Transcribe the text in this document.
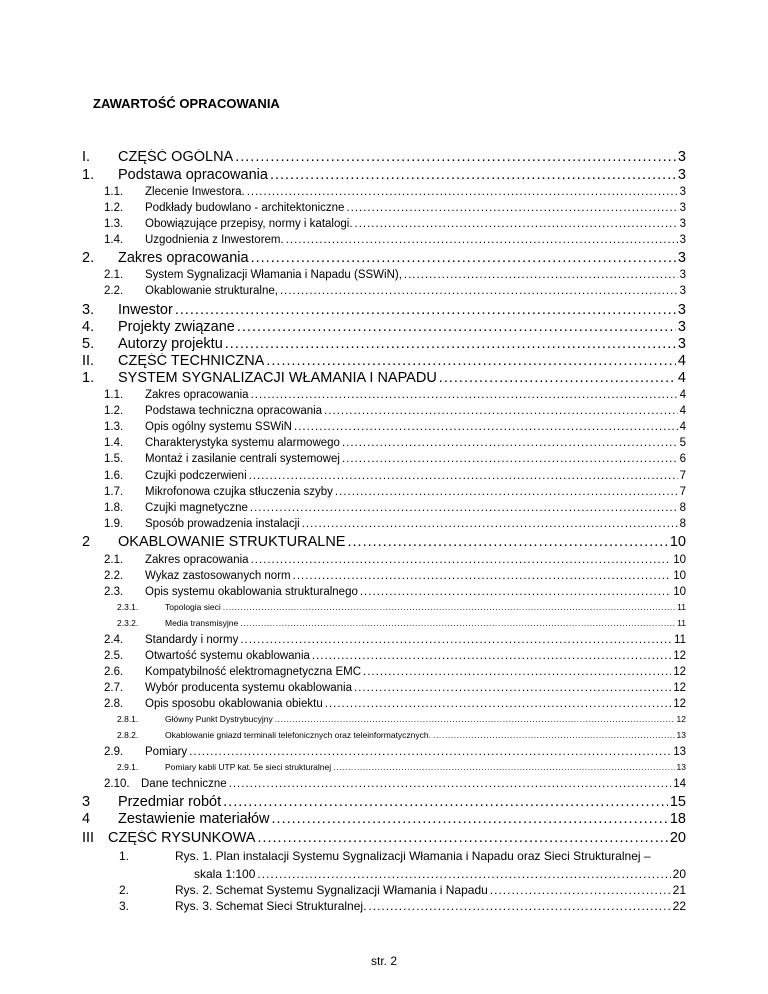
ZAWARTOŚĆ OPRACOWANIA
I.	CZĘŚĆ OGÓLNA .....	3
1.	Podstawa opracowania .....	3
1.1.	Zlecenie Inwestora. .....	3
1.2.	Podkłady budowlano - architektoniczne .....	3
1.3.	Obowiązujące przepisy, normy i katalogi. .....	3
1.4.	Uzgodnienia z Inwestorem. .....	3
2.	Zakres opracowania .....	3
2.1.	System Sygnalizacji Włamania i Napadu (SSWiN), .....	3
2.2.	Okablowanie strukturalne, .....	3
3.	Inwestor .....	3
4.	Projekty związane .....	3
5.	Autorzy projektu .....	3
II.	CZĘŚĆ TECHNICZNA .....	4
1.	SYSTEM SYGNALIZACJI WŁAMANIA I NAPADU .....	4
1.1.	Zakres opracowania .....	4
1.2.	Podstawa techniczna opracowania .....	4
1.3.	Opis ogólny systemu SSWiN .....	4
1.4.	Charakterystyka systemu alarmowego .....	5
1.5.	Montaż i zasilanie centrali systemowej .....	6
1.6.	Czujki podczerwieni .....	7
1.7.	Mikrofonowa czujka stłuczenia szyby .....	7
1.8.	Czujki magnetyczne .....	8
1.9.	Sposób prowadzenia instalacji .....	8
2	OKABLOWANIE STRUKTURALNE .....	10
2.1.	Zakres opracowania .....	10
2.2.	Wykaz zastosowanych norm .....	10
2.3.	Opis systemu okablowania strukturalnego .....	10
2.3.1.	Topologia sieci .....	11
2.3.2.	Media transmisyjne .....	11
2.4.	Standardy i normy .....	11
2.5.	Otwartość systemu okablowania .....	12
2.6.	Kompatybilność elektromagnetyczna EMC .....	12
2.7.	Wybór producenta systemu okablowania .....	12
2.8.	Opis sposobu okablowania obiektu .....	12
2.8.1.	Główny Punkt Dystrybucyjny .....	12
2.8.2.	Okablowanie gniazd terminali telefonicznych oraz teleinformatycznych. .....	13
2.9.	Pomiary .....	13
2.9.1.	Pomiary kabli UTP kat. 5e sieci strukturalnej .....	13
2.10. Dane techniczne .....	14
3	Przedmiar robót .....	15
4	Zestawienie materiałów .....	18
III CZĘŚĆ RYSUNKOWA .....	20
1.	Rys. 1. Plan instalacji Systemu Sygnalizacji Włamania i Napadu oraz Sieci Strukturalnej –
skala 1:100 .....	20
2.	Rys. 2. Schemat Systemu Sygnalizacji Włamania i Napadu .....	21
3.	Rys. 3. Schemat Sieci Strukturalnej. .....	22
str. 2
